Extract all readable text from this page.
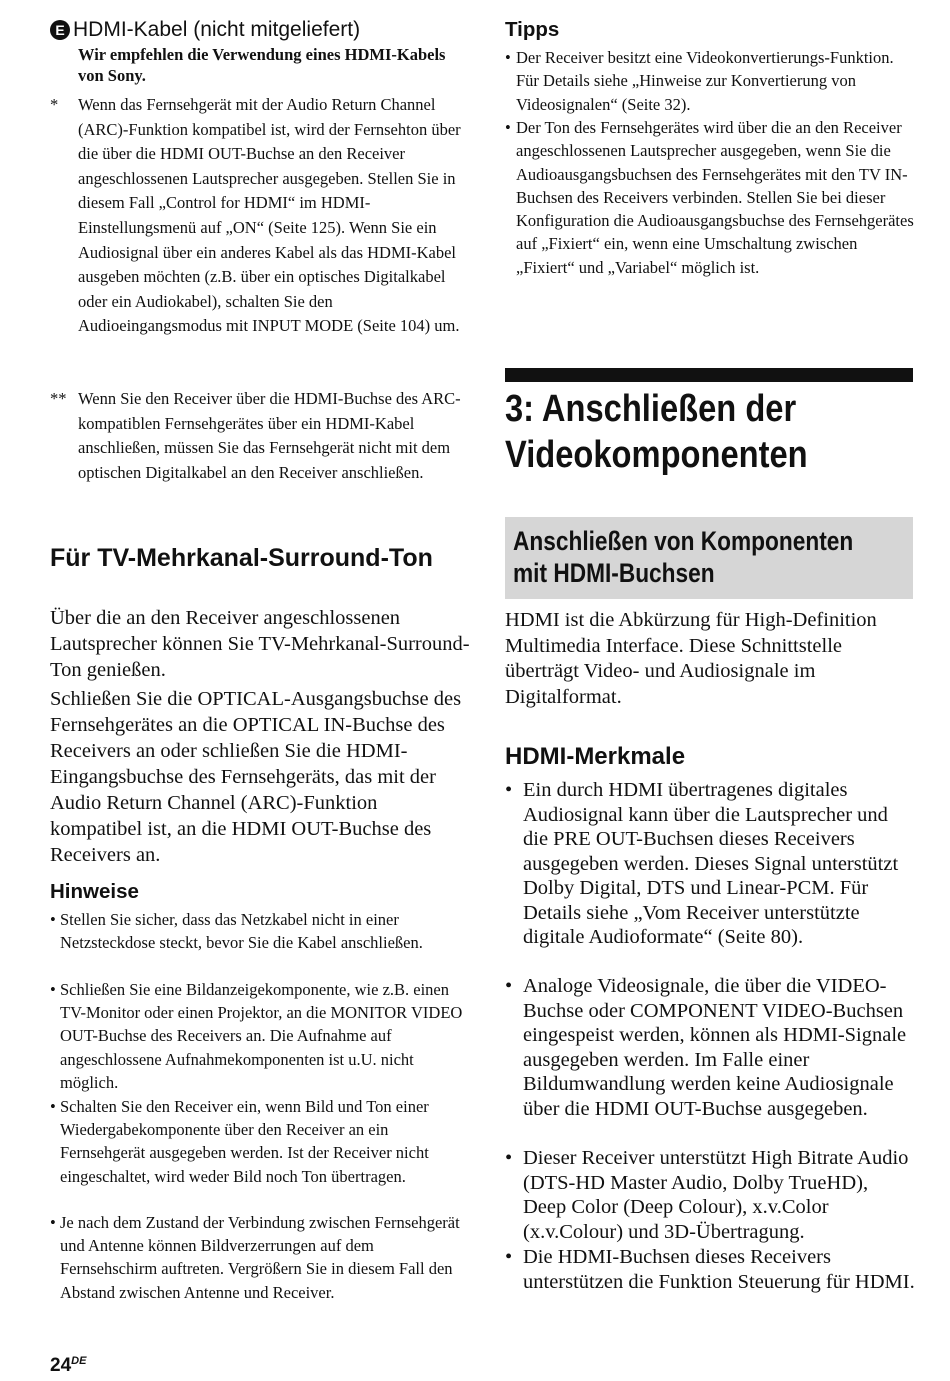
E HDMI-Kabel (nicht mitgeliefert)
Wir empfehlen die Verwendung eines HDMI-Kabels von Sony.
*	Wenn das Fernsehgerät mit der Audio Return Channel (ARC)-Funktion kompatibel ist, wird der Fernsehton über die über die HDMI OUT-Buchse an den Receiver angeschlossenen Lautsprecher ausgegeben. Stellen Sie in diesem Fall „Control for HDMI“ im HDMI-Einstellungsmenü auf „ON“ (Seite 125). Wenn Sie ein Audiosignal über ein anderes Kabel als das HDMI-Kabel ausgeben möchten (z.B. über ein optisches Digitalkabel oder ein Audiokabel), schalten Sie den Audioeingangsmodus mit INPUT MODE (Seite 104) um.
** Wenn Sie den Receiver über die HDMI-Buchse des ARC-kompatiblen Fernsehgerätes über ein HDMI-Kabel anschließen, müssen Sie das Fernsehgerät nicht mit dem optischen Digitalkabel an den Receiver anschließen.
Für TV-Mehrkanal-Surround-Ton
Über die an den Receiver angeschlossenen Lautsprecher können Sie TV-Mehrkanal-Surround-Ton genießen.
Schließen Sie die OPTICAL-Ausgangsbuchse des Fernsehgerätes an die OPTICAL IN-Buchse des Receivers an oder schließen Sie die HDMI-Eingangsbuchse des Fernsehgeräts, das mit der Audio Return Channel (ARC)-Funktion kompatibel ist, an die HDMI OUT-Buchse des Receivers an.
Hinweise
• Stellen Sie sicher, dass das Netzkabel nicht in einer Netzsteckdose steckt, bevor Sie die Kabel anschließen.
• Schließen Sie eine Bildanzeigekomponente, wie z.B. einen TV-Monitor oder einen Projektor, an die MONITOR VIDEO OUT-Buchse des Receivers an. Die Aufnahme auf angeschlossene Aufnahmekomponenten ist u.U. nicht möglich.
• Schalten Sie den Receiver ein, wenn Bild und Ton einer Wiedergabekomponente über den Receiver an ein Fernsehgerät ausgegeben werden. Ist der Receiver nicht eingeschaltet, wird weder Bild noch Ton übertragen.
• Je nach dem Zustand der Verbindung zwischen Fernsehgerät und Antenne können Bildverzerrungen auf dem Fernsehschirm auftreten. Vergrößern Sie in diesem Fall den Abstand zwischen Antenne und Receiver.
24DE
Tipps
• Der Receiver besitzt eine Videokonvertierungs-Funktion. Für Details siehe „Hinweise zur Konvertierung von Videosignalen“ (Seite 32).
• Der Ton des Fernsehgerätes wird über die an den Receiver angeschlossenen Lautsprecher ausgegeben, wenn Sie die Audioausgangsbuchsen des Fernsehgerätes mit den TV IN-Buchsen des Receivers verbinden. Stellen Sie bei dieser Konfiguration die Audioausgangsbuchse des Fernsehgerätes auf „Fixiert“ ein, wenn eine Umschaltung zwischen „Fixiert“ und „Variabel“ möglich ist.
3: Anschließen der
Videokomponenten
Anschließen von Komponenten
mit HDMI-Buchsen
HDMI ist die Abkürzung für High-Definition Multimedia Interface. Diese Schnittstelle überträgt Video- und Audiosignale im Digitalformat.
HDMI-Merkmale
• Ein durch HDMI übertragenes digitales Audiosignal kann über die Lautsprecher und die PRE OUT-Buchsen dieses Receivers ausgegeben werden. Dieses Signal unterstützt Dolby Digital, DTS und Linear-PCM. Für Details siehe „Vom Receiver unterstützte digitale Audioformate“ (Seite 80).
• Analoge Videosignale, die über die VIDEO-Buchse oder COMPONENT VIDEO-Buchsen eingespeist werden, können als HDMI-Signale ausgegeben werden. Im Falle einer Bildumwandlung werden keine Audiosignale über die HDMI OUT-Buchse ausgegeben.
• Dieser Receiver unterstützt High Bitrate Audio (DTS-HD Master Audio, Dolby TrueHD), Deep Color (Deep Colour), x.v.Color (x.v.Colour) und 3D-Übertragung.
• Die HDMI-Buchsen dieses Receivers unterstützen die Funktion Steuerung für HDMI.
